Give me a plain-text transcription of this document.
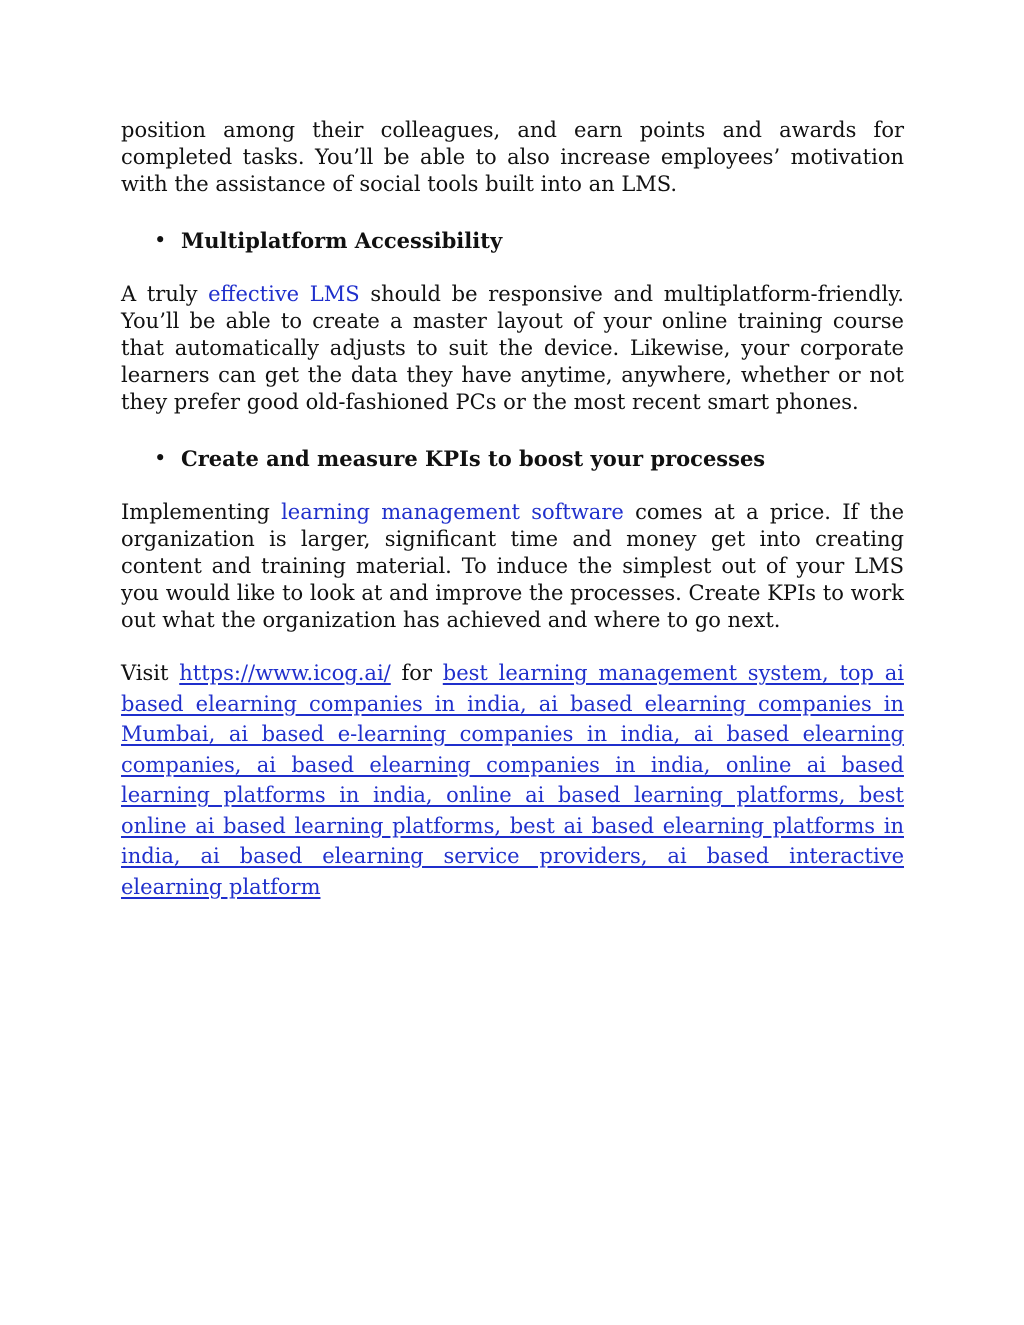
position among their colleagues, and earn points and awards for completed tasks. You’ll be able to also increase employees’ motivation with the assistance of social tools built into an LMS.

• Multiplatform Accessibility

A truly effective LMS should be responsive and multiplatform-friendly. You’ll be able to create a master layout of your online training course that automatically adjusts to suit the device. Likewise, your corporate learners can get the data they have anytime, anywhere, whether or not they prefer good old-fashioned PCs or the most recent smart phones.

• Create and measure KPIs to boost your processes

Implementing learning management software comes at a price. If the organization is larger, significant time and money get into creating content and training material. To induce the simplest out of your LMS you would like to look at and improve the processes. Create KPIs to work out what the organization has achieved and where to go next.

Visit https://www.icog.ai/ for best learning management system, top ai based elearning companies in india, ai based elearning companies in Mumbai, ai based e-learning companies in india, ai based elearning companies, ai based elearning companies in india, online ai based learning platforms in india, online ai based learning platforms, best online ai based learning platforms, best ai based elearning platforms in india, ai based elearning service providers, ai based interactive elearning platform
